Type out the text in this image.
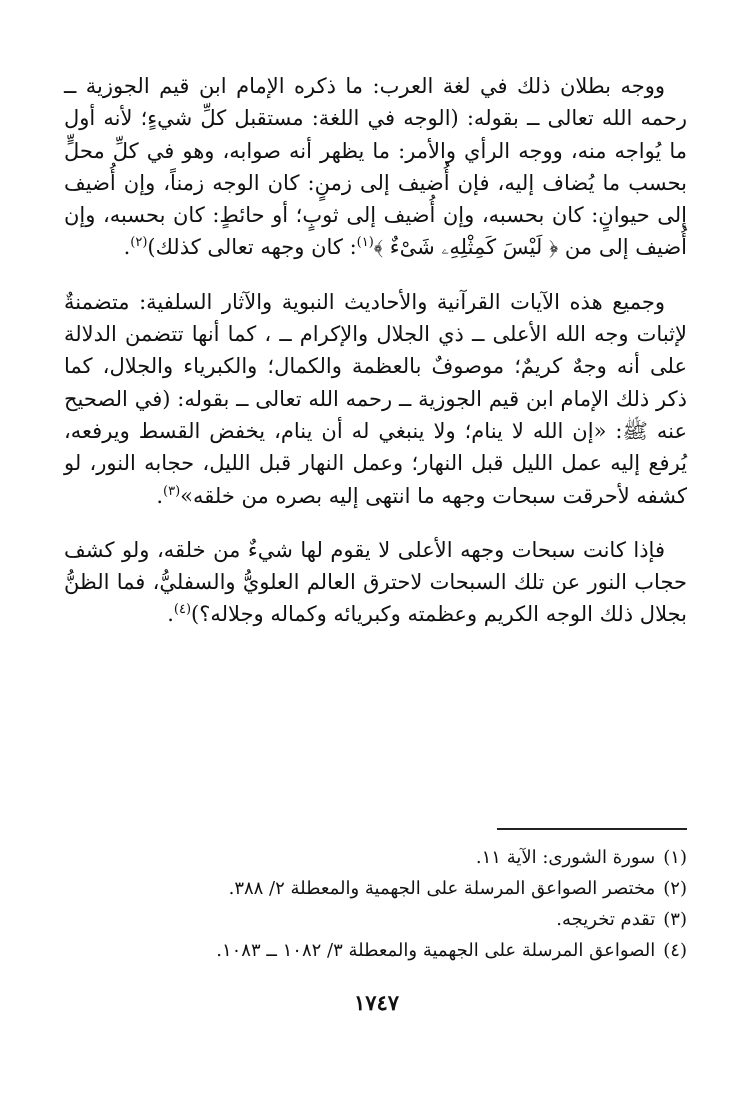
ووجه بطلان ذلك في لغة العرب: ما ذكره الإمام ابن قيم الجوزية ــ رحمه الله تعالى ــ بقوله: (الوجه في اللغة: مستقبل كلِّ شيءٍ؛ لأنه أول ما يُواجه منه، ووجه الرأي والأمر: ما يظهر أنه صوابه، وهو في كلِّ محلٍّ بحسب ما يُضاف إليه، فإن أُضيف إلى زمنٍ: كان الوجه زمناً، وإن أُضيف إلى حيوانٍ: كان بحسبه، وإن أُضيف إلى ثوبٍ؛ أو حائطٍ: كان بحسبه، وإن أُضيف إلى من ﴿ لَيْسَ كَمِثْلِهِۦ شَىْءٌ ﴾$^{(١)}$: كان وجهه تعالى كذلك)$^{(٢)}$.

وجميع هذه الآيات القرآنية والأحاديث النبوية والآثار السلفية: متضمنةٌ لإثبات وجه الله الأعلى ــ ذي الجلال والإكرام ــ ، كما أنها تتضمن الدلالة على أنه وجهٌ كريمٌ؛ موصوفٌ بالعظمة والكمال؛ والكبرياء والجلال، كما ذكر ذلك الإمام ابن قيم الجوزية ــ رحمه الله تعالى ــ بقوله: (في الصحيح عنه ﷺ: «إن الله لا ينام؛ ولا ينبغي له أن ينام، يخفض القسط ويرفعه، يُرفع إليه عمل الليل قبل النهار؛ وعمل النهار قبل الليل، حجابه النور، لو كشفه لأحرقت سبحات وجهه ما انتهى إليه بصره من خلقه»$^{(٣)}$.

فإذا كانت سبحات وجهه الأعلى لا يقوم لها شيءٌ من خلقه، ولو كشف حجاب النور عن تلك السبحات لاحترق العالم العلويُّ والسفليُّ، فما الظنُّ بجلال ذلك الوجه الكريم وعظمته وكبريائه وكماله وجلاله؟)$^{(٤)}$.

(١)سورة الشورى: الآية ١١.

(٢)مختصر الصواعق المرسلة على الجهمية والمعطلة ٢/ ٣٨٨.

(٣)تقدم تخريجه.

(٤)الصواعق المرسلة على الجهمية والمعطلة ٣/ ١٠٨٢ ــ ١٠٨٣.

١٧٤٧
